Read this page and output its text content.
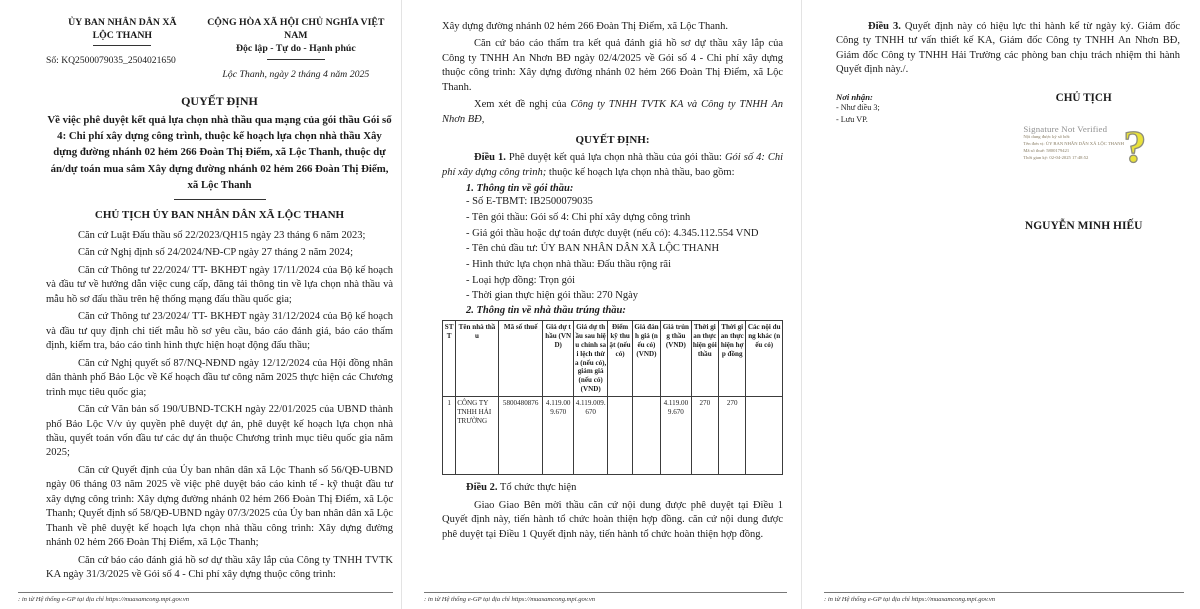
ỦY BAN NHÂN DÂN XÃ
LỘC THANH
Số: KQ2500079035_2504021650
CỘNG HÒA XÃ HỘI CHỦ NGHĨA VIỆT NAM
Độc lập - Tự do - Hạnh phúc
Lộc Thanh, ngày 2 tháng 4 năm 2025
QUYẾT ĐỊNH
Về việc phê duyệt kết quả lựa chọn nhà thầu qua mạng của gói thầu Gói số 4: Chi phí xây dựng công trình, thuộc kế hoạch lựa chọn nhà thầu Xây dựng đường nhánh 02 hẻm 266 Đoàn Thị Điểm, xã Lộc Thanh, thuộc dự án/dự toán mua sắm Xây dựng đường nhánh 02 hẻm 266 Đoàn Thị Điểm, xã Lộc Thanh
CHỦ TỊCH ỦY BAN NHÂN DÂN XÃ LỘC THANH

Căn cứ Luật Đấu thầu số 22/2023/QH15 ngày 23 tháng 6 năm 2023;

Căn cứ Nghị định số 24/2024/NĐ-CP ngày 27 tháng 2 năm 2024;

Căn cứ Thông tư 22/2024/ TT- BKHĐT ngày 17/11/2024 của Bộ kế hoạch và đầu tư về hướng dẫn việc cung cấp, đăng tải thông tin về lựa chọn nhà thầu và mẫu hồ sơ đấu thầu trên hệ thống mạng đấu thầu quốc gia;

Căn cứ Thông tư 23/2024/ TT- BKHĐT ngày 31/12/2024 của Bộ kế hoạch và đầu tư quy định chi tiết mẫu hồ sơ yêu cầu, báo cáo đánh giá, báo cáo thẩm định, kiểm tra, báo cáo tình hình thực hiện hoạt động đấu thầu;

Căn cứ Nghị quyết số 87/NQ-NĐND ngày 12/12/2024 của Hội đồng nhân dân thành phố Bảo Lộc về Kế hoạch đầu tư công năm 2025 thực hiện các Chương trình mục tiêu quốc gia;

Căn cứ Văn bản số 190/UBND-TCKH ngày 22/01/2025 của UBND thành phố Bảo Lộc V/v ủy quyền phê duyệt dự án, phê duyệt kế hoạch lựa chọn nhà thầu, quyết toán vốn đầu tư các dự án thuộc Chương trình mục tiêu quốc gia năm 2025;

Căn cứ Quyết định của Ủy ban nhân dân xã Lộc Thanh số 56/QĐ-UBND ngày 06 tháng 03 năm 2025 về việc phê duyệt báo cáo kinh tế - kỹ thuật đầu tư xây dựng công trình: Xây dựng đường nhánh 02 hẻm 266 Đoàn Thị Điểm, xã Lộc Thanh; Quyết định số 58/QĐ-UBND ngày 07/3/2025 của Ủy ban nhân dân xã Lộc Thanh về phê duyệt kế hoạch lựa chọn nhà thầu công trình: Xây dựng đường nhánh 02 hẻm 266 Đoàn Thị Điểm, xã Lộc Thanh;

Căn cứ báo cáo đánh giá hồ sơ dự thầu xây lắp của Công ty TNHH TVTK KA ngày 31/3/2025 về Gói số 4 - Chi phí xây dựng thuộc công trình:

: in từ Hệ thống e-GP tại địa chỉ https://muasamcong.mpi.gov.vn

Xây dựng đường nhánh 02 hẻm 266 Đoàn Thị Điểm, xã Lộc Thanh.

Căn cứ báo cáo thẩm tra kết quả đánh giá hồ sơ dự thầu xây lắp của Công ty TNHH An Nhơn BĐ ngày 02/4/2025 về Gói số 4 - Chi phí xây dựng thuộc công trình: Xây dựng đường nhánh 02 hẻm 266 Đoàn Thị Điểm, xã Lộc Thanh.

Xem xét đề nghị của Công ty TNHH TVTK KA và Công ty TNHH An Nhơn BĐ,

QUYẾT ĐỊNH:

Điều 1. Phê duyệt kết quả lựa chọn nhà thầu của gói thầu: Gói số 4: Chi phí xây dựng công trình; thuộc kế hoạch lựa chọn nhà thầu, bao gồm:

1. Thông tin về gói thầu:
- Số E-TBMT: IB2500079035
- Tên gói thầu: Gói số 4: Chi phí xây dựng công trình
- Giá gói thầu hoặc dự toán được duyệt (nếu có): 4.345.112.554 VND
- Tên chủ đầu tư: ỦY BAN NHÂN DÂN XÃ LỘC THANH
- Hình thức lựa chọn nhà thầu: Đấu thầu rộng rãi
- Loại hợp đồng: Trọn gói
- Thời gian thực hiện gói thầu: 270 Ngày
2. Thông tin về nhà thầu trúng thầu:
STT	Tên nhà thầu	Mã số thuế	Giá dự thầu (VND)	Giá dự thầu sau hiệu chỉnh sai lệch thừa (nếu có), giảm giá (nếu có) (VND)	Điểm kỹ thuật (nếu có)	Giá đánh giá (nếu có) (VND)	Giá trúng thầu (VND)	Thời gian thực hiện gói thầu	Thời gian thực hiện hợp đồng	Các nội dung khác (nếu có)
1	CÔNG TY TNHH HẢI TRƯỜNG	5800480876	4.119.009.670	4.119.009.670			4.119.009.670	270	270	

Điều 2. Tổ chức thực hiện

Giao Giao Bên mời thầu căn cứ nội dung được phê duyệt tại Điều 1 Quyết định này, tiến hành tổ chức hoàn thiện hợp đồng. căn cứ nội dung được phê duyệt tại Điều 1 Quyết định này, tiến hành tổ chức hoàn thiện hợp đồng.

: in từ Hệ thống e-GP tại địa chỉ https://muasamcong.mpi.gov.vn

Điều 3. Quyết định này có hiệu lực thi hành kể từ ngày ký. Giám đốc Công ty TNHH tư vấn thiết kế KA, Giám đốc Công ty TNHH An Nhơn BĐ, Giám đốc Công ty TNHH Hải Trường các phòng ban chịu trách nhiệm thi hành Quyết định này./.

Nơi nhận:
- Như điều 3;
- Lưu VP.
CHỦ TỊCH
Signature Not Verified
Nội dung được ký số bởi:
Tên đơn vị: ỦY BAN NHÂN DÂN XÃ LỘC THANH
Mã số thuế: 5800179421
Thời gian ký: 02-04-2025 17:48:52 ?
NGUYỄN MINH HIẾU
: in từ Hệ thống e-GP tại địa chỉ https://muasamcong.mpi.gov.vn
